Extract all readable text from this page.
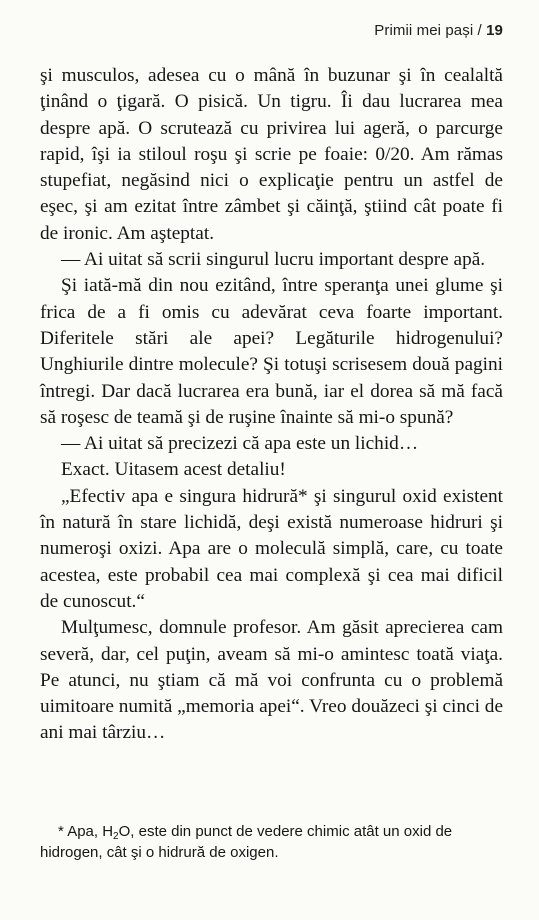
Primii mei pași / 19

şi musculos, adesea cu o mână în buzunar şi în cealaltă ţinând o ţigară. O pisică. Un tigru. Îi dau lucrarea mea despre apă. O scrutează cu privirea lui ageră, o parcurge rapid, îşi ia stiloul roşu şi scrie pe foaie: 0/20. Am rămas stupefiat, negăsind nici o explicaţie pentru un astfel de eşec, şi am ezitat între zâmbet şi căinţă, ştiind cât poate fi de ironic. Am aşteptat.

— Ai uitat să scrii singurul lucru important despre apă.

Şi iată-mă din nou ezitând, între speranţa unei glume şi frica de a fi omis cu adevărat ceva foarte important. Diferitele stări ale apei? Legăturile hidrogenului? Unghiurile dintre molecule? Şi totuşi scrisesem două pagini întregi. Dar dacă lucrarea era bună, iar el dorea să mă facă să roşesc de teamă şi de ruşine înainte să mi-o spună?

— Ai uitat să precizezi că apa este un lichid…

Exact. Uitasem acest detaliu!

„Efectiv apa e singura hidrură* şi singurul oxid existent în natură în stare lichidă, deşi există numeroase hidruri şi numeroşi oxizi. Apa are o moleculă simplă, care, cu toate acestea, este probabil cea mai complexă şi cea mai dificil de cunoscut.“

Mulţumesc, domnule profesor. Am găsit aprecierea cam severă, dar, cel puţin, aveam să mi-o amintesc toată viaţa. Pe atunci, nu ştiam că mă voi confrunta cu o problemă uimitoare numită „memoria apei“. Vreo douăzeci şi cinci de ani mai târziu…

* Apa, $H_2O$, este din punct de vedere chimic atât un oxid de hidrogen, cât şi o hidrură de oxigen.
